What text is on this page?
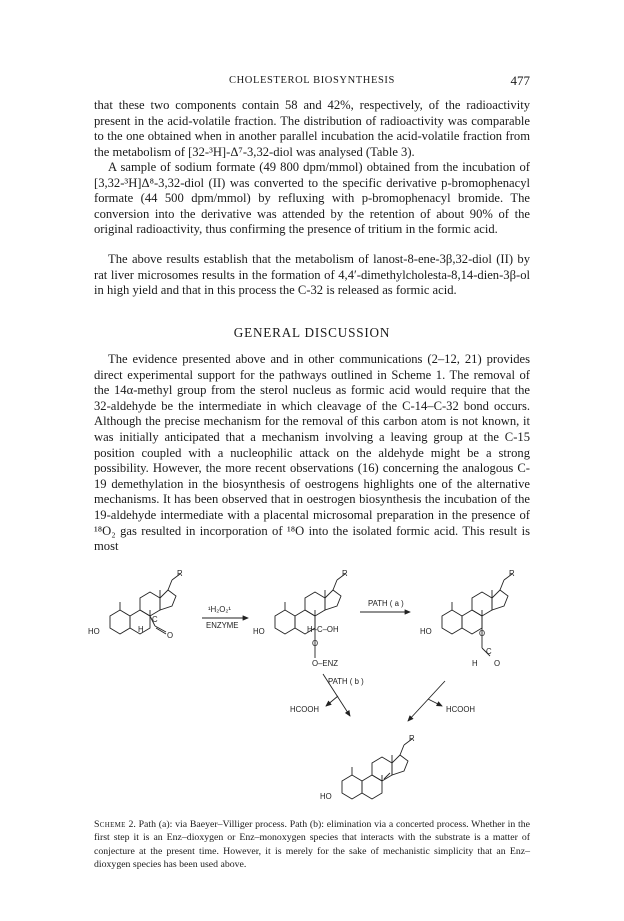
CHOLESTEROL BIOSYNTHESIS	477

that these two components contain 58 and 42%, respectively, of the radioactivity present in the acid-volatile fraction. The distribution of radioactivity was comparable to the one obtained when in another parallel incubation the acid-volatile fraction from the metabolism of [32-³H]-Δ⁷-3,32-diol was analysed (Table 3).

A sample of sodium formate (49 800 dpm/mmol) obtained from the incubation of [3,32-³H]Δ⁸-3,32-diol (II) was converted to the specific derivative p-bromophenacyl formate (44 500 dpm/mmol) by refluxing with p-bromophenacyl bromide. The conversion into the derivative was attended by the retention of about 90% of the original radioactivity, thus confirming the presence of tritium in the formic acid.

The above results establish that the metabolism of lanost-8-ene-3β,32-diol (II) by rat liver microsomes results in the formation of 4,4′-dimethylcholesta-8,14-dien-3β-ol in high yield and that in this process the C-32 is released as formic acid.

GENERAL DISCUSSION

The evidence presented above and in other communications (2–12, 21) provides direct experimental support for the pathways outlined in Scheme 1. The removal of the 14α-methyl group from the sterol nucleus as formic acid would require that the 32-aldehyde be the intermediate in which cleavage of the C-14–C-32 bond occurs. Although the precise mechanism for the removal of this carbon atom is not known, it was initially anticipated that a mechanism involving a leaving group at the C-15 position coupled with a nucleophilic attack on the aldehyde might be a strong possibility. However, the more recent observations (16) concerning the analogous C-19 demethylation in the biosynthesis of oestrogens highlights one of the alternative mechanisms. It has been observed that in oestrogen biosynthesis the incubation of the 19-aldehyde intermediate with a placental microsomal preparation in the presence of ¹⁸O₂ gas resulted in incorporation of ¹⁸O into the isolated formic acid. This result is most

R
HO	H
C
O
¹H₂O₂¹
ENZYME
R
HO	H–C–OH
O
O–ENZ
PATH ( a )
R
HO	O
C
H O
PATH ( b )
HCOOH	HCOOH
R
HO
Scheme 2. Path (a): via Baeyer–Villiger process. Path (b): elimination via a concerted process. Whether in the first step it is an Enz–dioxygen or Enz–monoxygen species that interacts with the substrate is a matter of conjecture at the present time. However, it is merely for the sake of mechanistic simplicity that an Enz–dioxygen species has been used above.
